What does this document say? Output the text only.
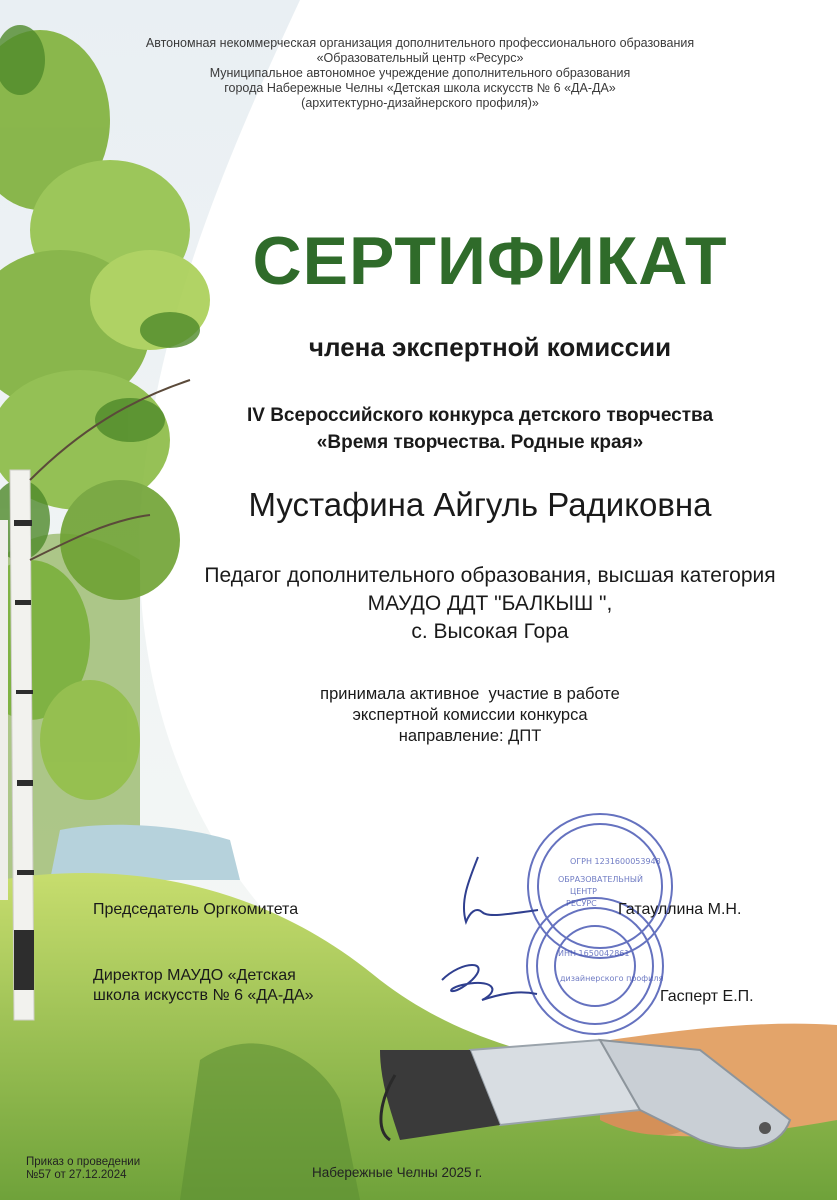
Автономная некоммерческая организация дополнительного профессионального образования
«Образовательный центр «Ресурс»
Муниципальное автономное учреждение дополнительного образования
города Набережные Челны «Детская школа искусств № 6 «ДА-ДА»
(архитектурно-дизайнерского профиля)»
СЕРТИФИКАТ
члена экспертной комиссии
IV Всероссийского конкурса детского творчества
«Время творчества. Родные края»
Мустафина Айгуль Радиковна
Педагог дополнительного образования, высшая категория
МАУДО ДДТ "БАЛКЫШ ",
с. Высокая Гора
принимала активное  участие в работе
экспертной комиссии конкурса
направление: ДПТ
ОБРАЗОВАТЕЛЬНЫЙ
ЦЕНТР
РЕСУРС
ОГРН 1231600053948
ИНН 1650042861
дизайнерского профиля
Председатель Оргкомитета	Гатауллина М.Н.
Директор МАУДО «Детская
школа искусств № 6 «ДА-ДА»	Гасперт Е.П.
Приказ о проведении
№57 от 27.12.2024	Набережные Челны 2025 г.
